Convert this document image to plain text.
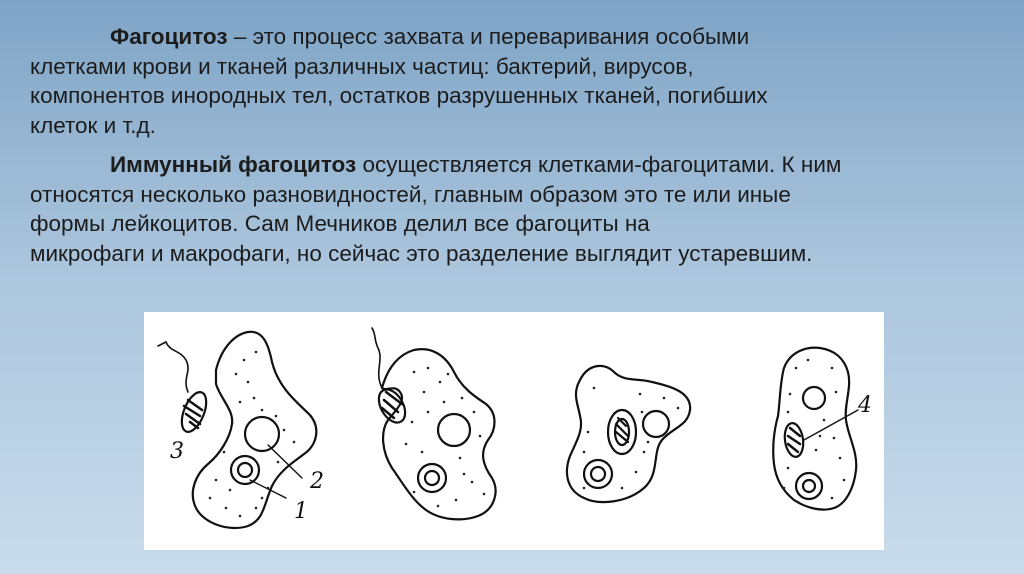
Фагоцитоз – это процесс захвата и переваривания особыми
клетками крови и тканей различных частиц: бактерий, вирусов,
компонентов инородных тел, остатков разрушенных тканей, погибших
клеток и т.д.

Иммунный фагоцитоз осуществляется клетками-фагоцитами. К ним
относятся несколько разновидностей, главным образом это те или иные
формы лейкоцитов. Сам Мечников делил все фагоциты на
микрофаги и макрофаги, но сейчас это разделение выглядит устаревшим.

1
2
3
4
